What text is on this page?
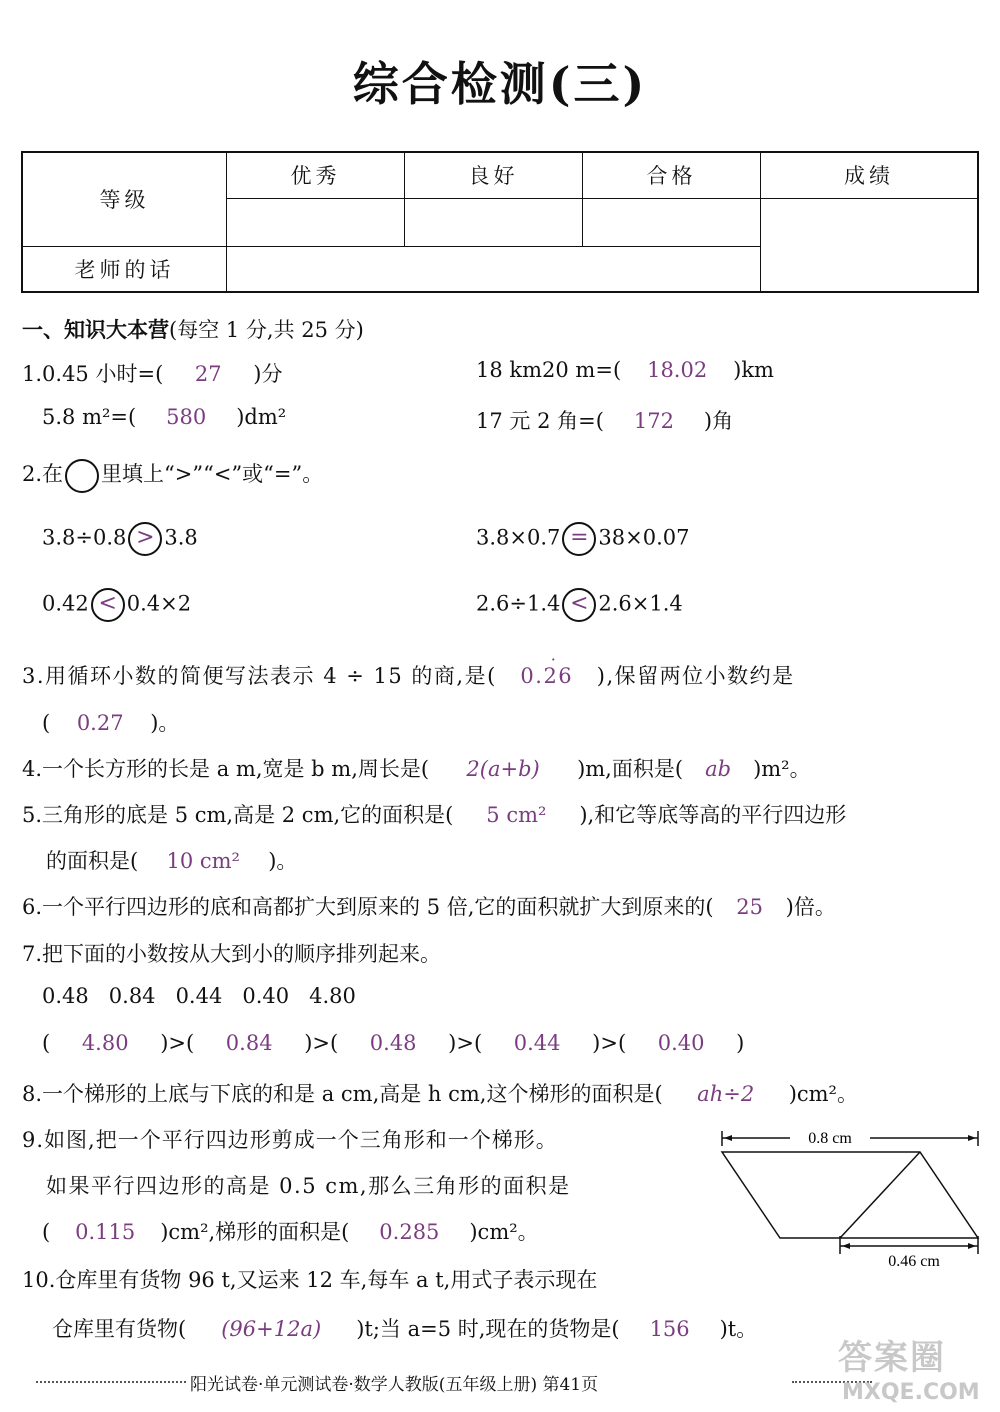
综合检测(三)
等级	优秀	良好	合格	成绩

老师的话				
一、知识大本营(每空 1 分,共 25 分)
1.0.45 小时=( 27 )分	18 km20 m=( 18.02 )km
5.8 m²=( 580 )dm²	17 元 2 角=( 172 )角
2.在 里填上“>”“<”或“=”。
3.8÷0.8 > 3.8	3.8×0.7 = 38×0.07
0.42 < 0.4×2	2.6÷1.4 < 2.6×1.4
3.用循环小数的简便写法表示 4 ÷ 15 的商,是( 0.26
·
),保留两位小数约是
( 0.27 )。
4.一个长方形的长是 a m,宽是 b m,周长是( 2(a+b) )m,面积是( ab )m²。
5.三角形的底是 5 cm,高是 2 cm,它的面积是( 5 cm² ),和它等底等高的平行四边形
的面积是( 10 cm² )。
6.一个平行四边形的底和高都扩大到原来的 5 倍,它的面积就扩大到原来的( 25 )倍。
7.把下面的小数按从大到小的顺序排列起来。
0.48   0.84   0.44   0.40   4.80
( 4.80 )>( 0.84 )>( 0.48 )>( 0.44 )>( 0.40 )
8.一个梯形的上底与下底的和是 a cm,高是 h cm,这个梯形的面积是( ah÷2 )cm²。
9.如图,把一个平行四边形剪成一个三角形和一个梯形。
如果平行四边形的高是 0.5 cm,那么三角形的面积是
( 0.115 )cm²,梯形的面积是( 0.285 )cm²。
0.8 cm
0.46 cm
10.仓库里有货物 96 t,又运来 12 车,每车 a t,用式子表示现在
仓库里有货物( (96+12a) )t;当 a=5 时,现在的货物是( 156 )t。
阳光试卷·单元测试卷·数学人教版(五年级上册) 第41页
答案圈
MXQE.COM
